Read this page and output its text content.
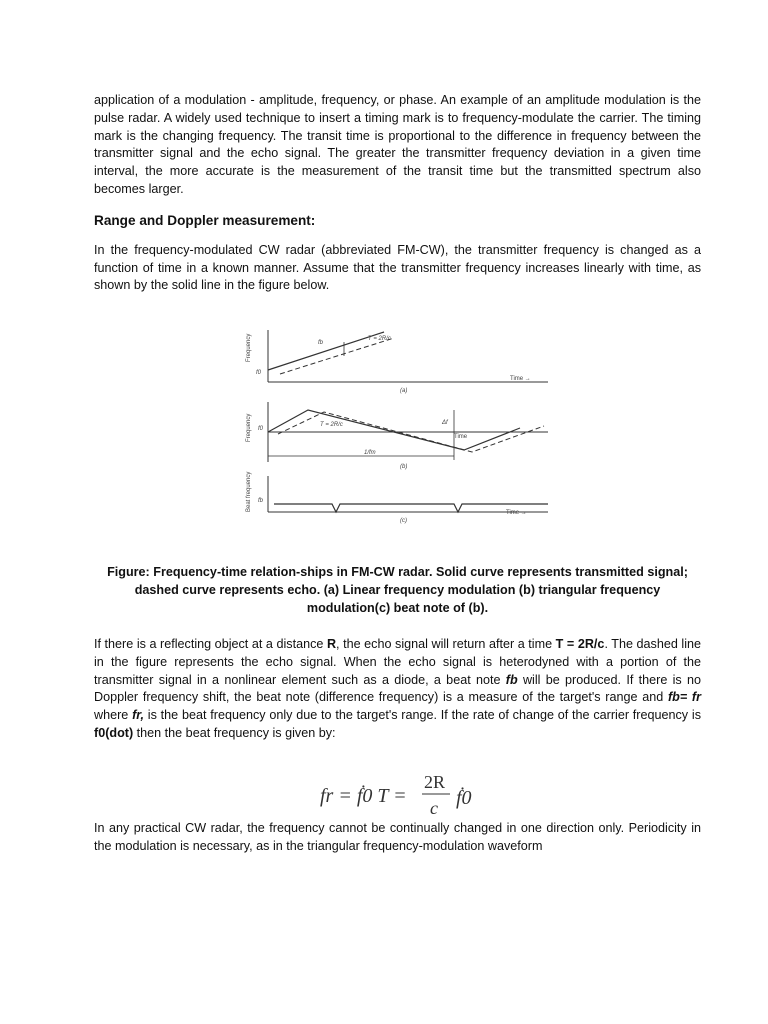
application of a modulation - amplitude, frequency, or phase. An example of an amplitude modulation is the pulse radar. A widely used technique to insert a timing mark is to frequency-modulate the carrier. The timing mark is the changing frequency. The transit time is proportional to the difference in frequency between the transmitter signal and the echo signal. The greater the transmitter frequency deviation in a given time interval, the more accurate is the measurement of the transit time but the transmitted spectrum also becomes larger.

Range and Doppler measurement:

In the frequency-modulated CW radar (abbreviated FM-CW), the transmitter frequency is changed as a function of time in a known manner. Assume that the transmitter frequency increases linearly with time, as shown by the solid line in the figure below.

Frequency
f0
fb
T = 2R/c
Time →
(a)
Frequency f0
T = 2R/c	Δf
Time
1/fm
(b)
Beat frequency fb
Time →
(c)
Figure: Frequency-time relation-ships in FM-CW radar. Solid curve represents transmitted signal; dashed curve represents echo. (a) Linear frequency modulation (b) triangular frequency modulation(c) beat note of (b).

If there is a reflecting object at a distance R, the echo signal will return after a time T = 2R/c. The dashed line in the figure represents the echo signal. When the echo signal is heterodyned with a portion of the transmitter signal in a nonlinear element such as a diode, a beat note fb will be produced. If there is no Doppler frequency shift, the beat note (difference frequency) is a measure of the target's range and fb= fr where fr, is the beat frequency only due to the target's range. If the rate of change of the carrier frequency is f0(dot) then the beat frequency is given by:

fr = ḟ0 T =
2R
c ḟ0

In any practical CW radar, the frequency cannot be continually changed in one direction only. Periodicity in the modulation is necessary, as in the triangular frequency-modulation waveform
